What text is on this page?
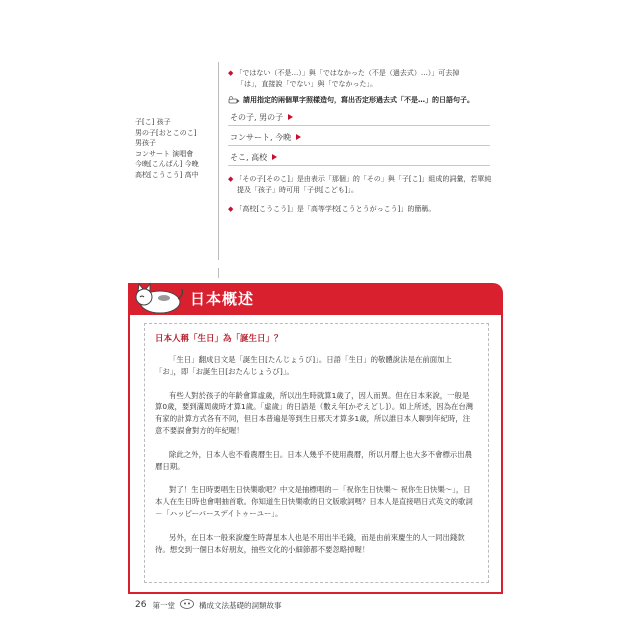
子[こ] 孩子
男の子[おとこのこ]
男孩子
コンサート 演唱會
今晩[こんばん] 今晚
高校[こうこう] 高中

◆ 「ではない（不是…）」與「ではなかった（不是（過去式）…）」可去掉
「は」，直接說「でない」與「でなかった」。

請用指定的兩個單字照樣造句，寫出否定形過去式「不是…」的日語句子。
その子, 男の子
コンサート, 今晩
そこ, 高校

◆ 「その子[そのこ]」是由表示「那個」的「その」與「子[こ]」組成的詞彙，若單純
提及「孩子」時可用「子供[こども]」。

◆ 「高校[こうこう]」是「高等学校[こうとうがっこう]」的簡稱。

日本概述
日本人稱「生日」為「誕生日」？

「生日」翻成日文是「誕生日[たんじょうび]」。日語「生日」的敬體說法是在前面加上「お」，即「お誕生日[おたんじょうび]」。

有些人對於孩子的年齡會算虛歲，所以出生時就算1歲了，因人而異。但在日本來說，一般是算0歲，要到滿周歲時才算1歲。「虛歲」的日語是（數え年[かぞえどし]）。如上所述，因為在台灣有家的計算方式各有不同，但日本普遍是等到生日那天才算多1歲，所以誰日本人聊到年紀時，注意不要誤會對方的年紀喔！

除此之外，日本人也不看農曆生日。日本人幾乎不使用農曆，所以月曆上也大多不會標示出農曆日期。

對了！生日時要唱生日快樂歌吧？中文是抽標唱的－「祝你生日快樂～ 祝你生日快樂～」，日本人在生日時也會唱抽首歌。你知道生日快樂歌的日文版歌詞嗎？日本人是直接唱日式英文的歌詞－「ハッピーバースデイトゥーユー」。

另外，在日本一般來說慶生時壽星本人也是不用出半毛錢，而是由前來慶生的人一同出錢款待。想交到一個日本好朋友，抽些文化的小細節都不要忽略掉喔！

26 第一堂	構成文法基礎的詞類故事
